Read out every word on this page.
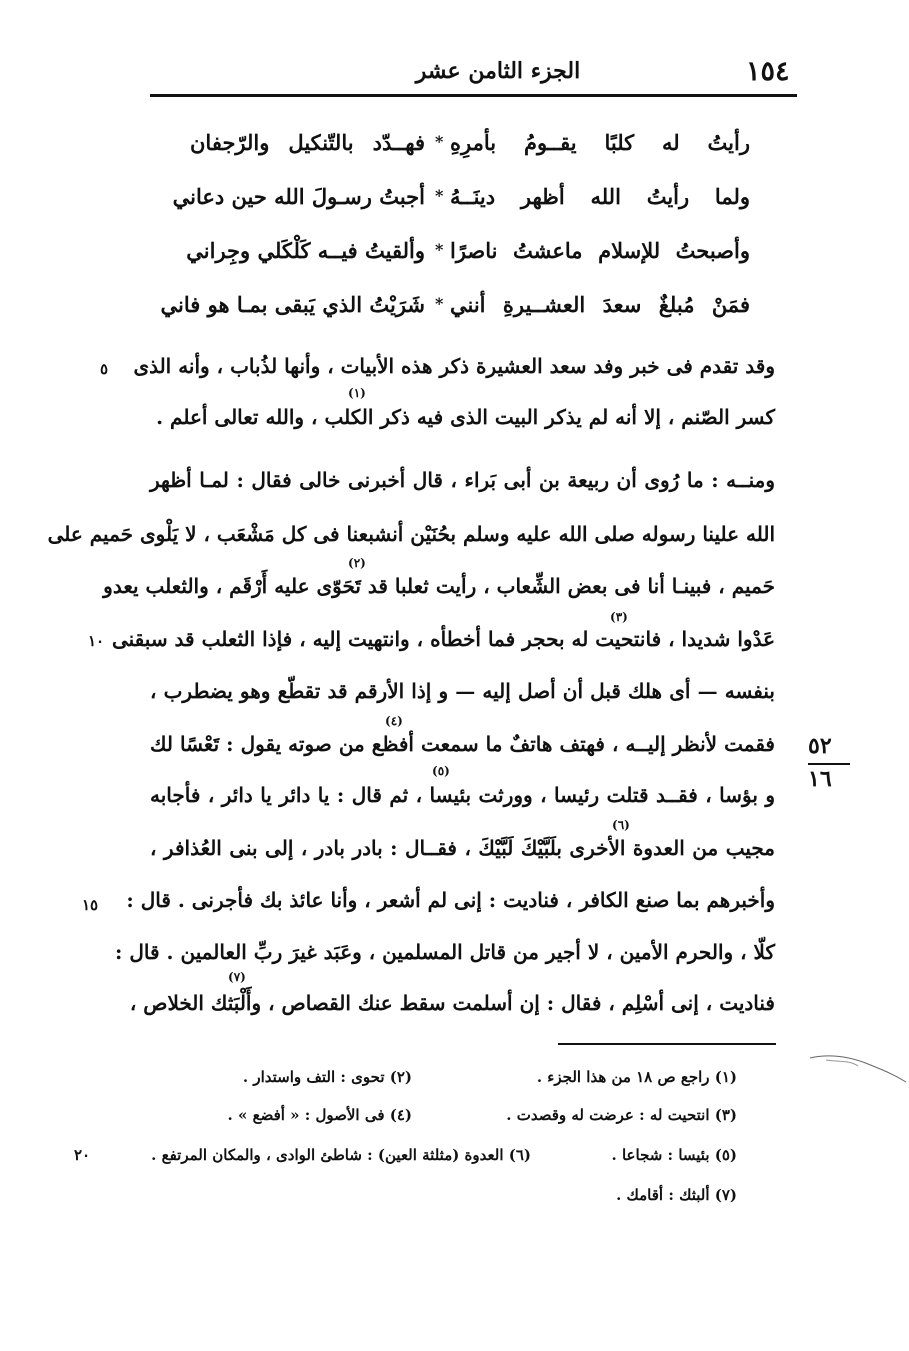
١٥٤
الجزء الثامن عشر
رأيتُ له كلبًا يقــومُ بأمرِهِ
*
فهــدّد بالتّنكيل والرّجفان
ولما رأيتُ الله أظهر دينَــهُ
*
أجبتُ رسـولَ الله حين دعاني
وأصبحتُ للإسلام ماعشتُ ناصرًا
*
وألقيتُ فيــه كَلْكَلي وجِراني
فمَنْ مُبلغٌ سعدَ العشــيرةِ أنني
*
شَرَيْتُ الذي يَبقى بمـا هو فاني
وقد تقدم فى خبر وفد سعد العشيرة ذكر هذه الأبيات ، وأنها لذُباب ، وأنه الذى
(١)
كسر الصّنم ، إلا أنه لم يذكر البيت الذى فيه ذكر الكلب ، والله تعالى أعلم .
ومنــه : ما رُوى أن ربيعة بن أبى بَراء ، قال أخبرنى خالى فقال : لمـا أظهر
الله علينا رسوله صلى الله عليه وسلم بحُنَيْن أنشبعنا فى كل مَشْعَب ، لا يَلْوى حَميم على
(٢)
حَميم ، فبينـا أنا فى بعض الشِّعاب ، رأيت ثعلبا قد تَحَوّى عليه أَرْقَم ، والثعلب يعدو
(٣)
عَدْوا شديدا ، فانتحيت له بحجر فما أخطأه ، وانتهيت إليه ، فإذا الثعلب قد سبقنى
بنفسه — أى هلك قبل أن أصل إليه — و إذا الأرقم قد تقطّع وهو يضطرب ،
(٤)
فقمت لأنظر إليــه ، فهتف هاتفٌ ما سمعت أفظع من صوته يقول : تَعْسًا لك
(٥)
و بؤسا ، فقــد قتلت رئيسا ، وورثت بئيسا ، ثم قال : يا دائر يا دائر ، فأجابه
(٦)
مجيب من العدوة الأخرى بلَبَّيْكَ لَبَّيْكَ ، فقــال : بادر بادر ، إلى بنى العُذافر ،
وأخبرهم بما صنع الكافر ، فناديت : إنى لم أشعر ، وأنا عائذ بك فأجرنى . قال :
كلّا ، والحرم الأمين ، لا أجير من قاتل المسلمين ، وعَبَد غيرَ ربِّ العالمين . قال :
(٧)
فناديت ، إنى أسْلِم ، فقال : إن أسلمت سقط عنك القصاص ، وأَلْبَثك الخلاص ،
٥
١٠
١٥
٢٠
٥٢
١٦
(١) راجع ص ١٨ من هذا الجزء .
(٢) تحوى : التف واستدار .
(٣) انتحيت له : عرضت له وقصدت .
(٤) فى الأصول : « أفضع » .
(٥) بئيسا : شجاعا .
(٦) العدوة (مثلثة العين) : شاطئ الوادى ، والمكان المرتفع .
(٧) ألبثك : أقامك .
